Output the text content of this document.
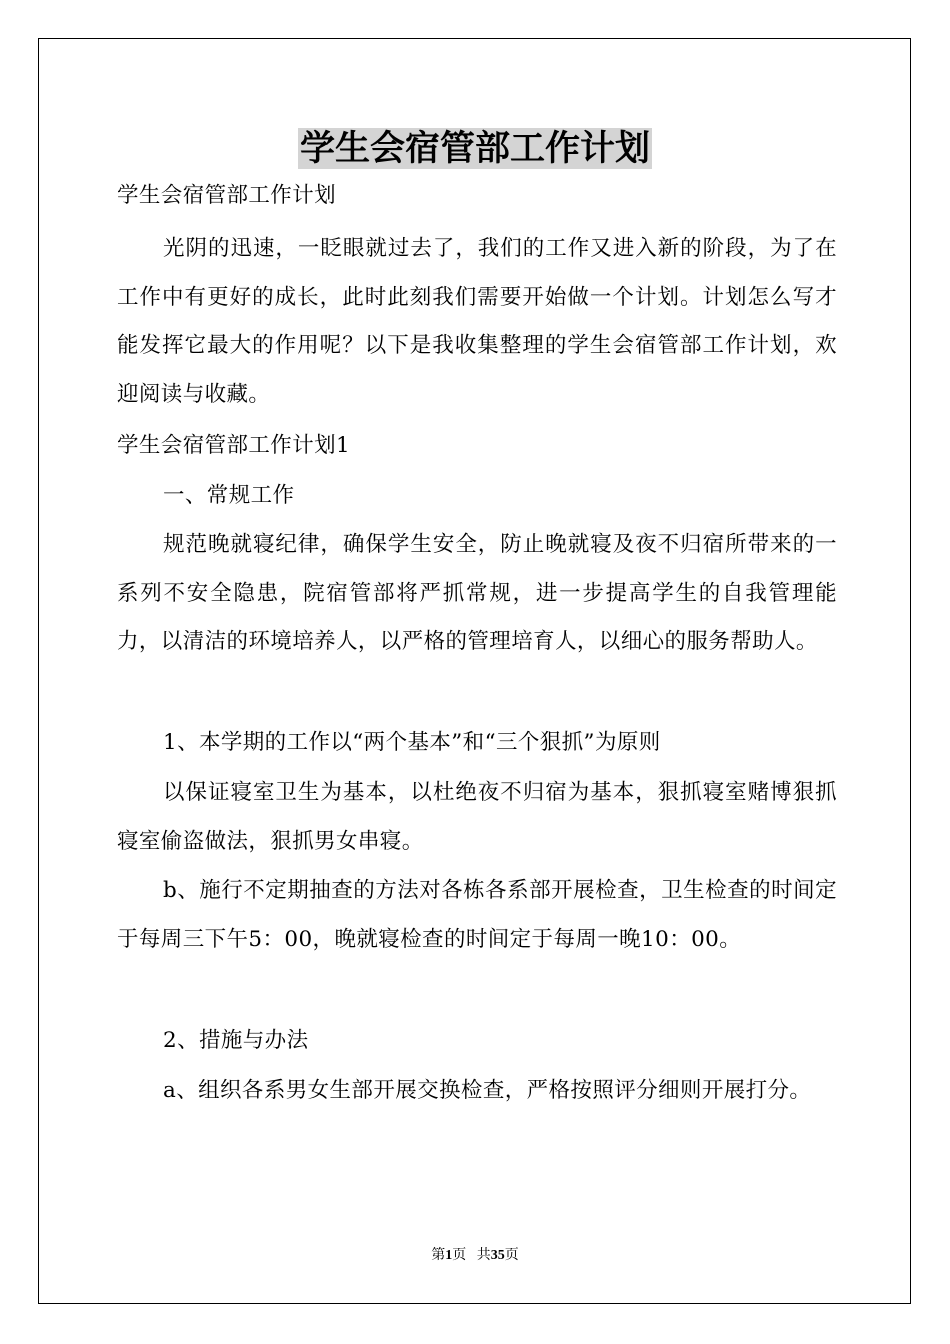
学生会宿管部工作计划

学生会宿管部工作计划

光阴的迅速，一眨眼就过去了，我们的工作又进入新的阶段，为了在工作中有更好的成长，此时此刻我们需要开始做一个计划。计划怎么写才能发挥它最大的作用呢？以下是我收集整理的学生会宿管部工作计划，欢迎阅读与收藏。

学生会宿管部工作计划1

一、常规工作

规范晚就寝纪律，确保学生安全，防止晚就寝及夜不归宿所带来的一系列不安全隐患，院宿管部将严抓常规，进一步提高学生的自我管理能力，以清洁的环境培养人，以严格的管理培育人，以细心的服务帮助人。

1、本学期的工作以“两个基本”和“三个狠抓”为原则

以保证寝室卫生为基本，以杜绝夜不归宿为基本，狠抓寝室赌博狠抓寝室偷盗做法，狠抓男女串寝。

b、施行不定期抽查的方法对各栋各系部开展检查，卫生检查的时间定于每周三下午5：00，晚就寝检查的时间定于每周一晚10：00。

2、措施与办法

a、组织各系男女生部开展交换检查，严格按照评分细则开展打分。

第1页 共35页
